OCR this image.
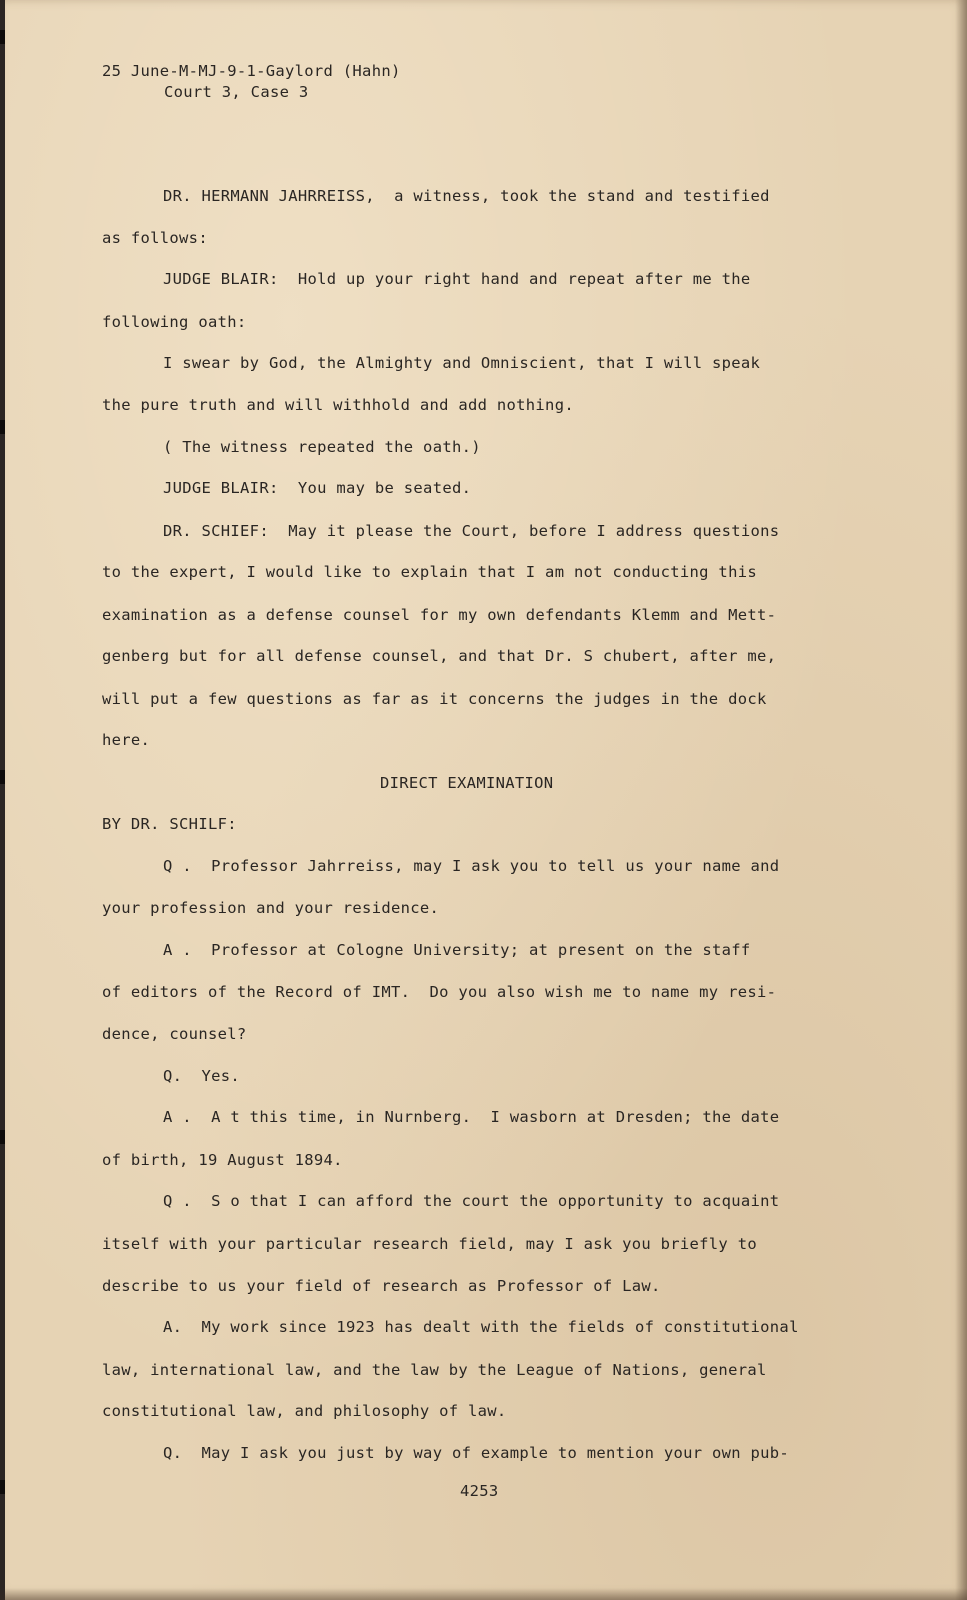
25 June-M-MJ-9-1-Gaylord (Hahn)
Court 3, Case 3
DR. HERMANN JAHRREISS,  a witness, took the stand and testified
as follows:
JUDGE BLAIR:  Hold up your right hand and repeat after me the
following oath:
I swear by God, the Almighty and Omniscient, that I will speak
the pure truth and will withhold and add nothing.
( The witness repeated the oath.)
JUDGE BLAIR:  You may be seated.
DR. SCHIEF:  May it please the Court, before I address questions
to the expert, I would like to explain that I am not conducting this
examination as a defense counsel for my own defendants Klemm and Mett-
genberg but for all defense counsel, and that Dr. S chubert, after me,
will put a few questions as far as it concerns the judges in the dock
here.
DIRECT EXAMINATION
BY DR. SCHILF:
Q .  Professor Jahrreiss, may I ask you to tell us your name and
your profession and your residence.
A .  Professor at Cologne University; at present on the staff
of editors of the Record of IMT.  Do you also wish me to name my resi-
dence, counsel?
Q.  Yes.
A .  A t this time, in Nurnberg.  I wasborn at Dresden; the date
of birth, 19 August 1894.
Q .  S o that I can afford the court the opportunity to acquaint
itself with your particular research field, may I ask you briefly to
describe to us your field of research as Professor of Law.
A.  My work since 1923 has dealt with the fields of constitutional
law, international law, and the law by the League of Nations, general
constitutional law, and philosophy of law.
Q.  May I ask you just by way of example to mention your own pub-
4253
